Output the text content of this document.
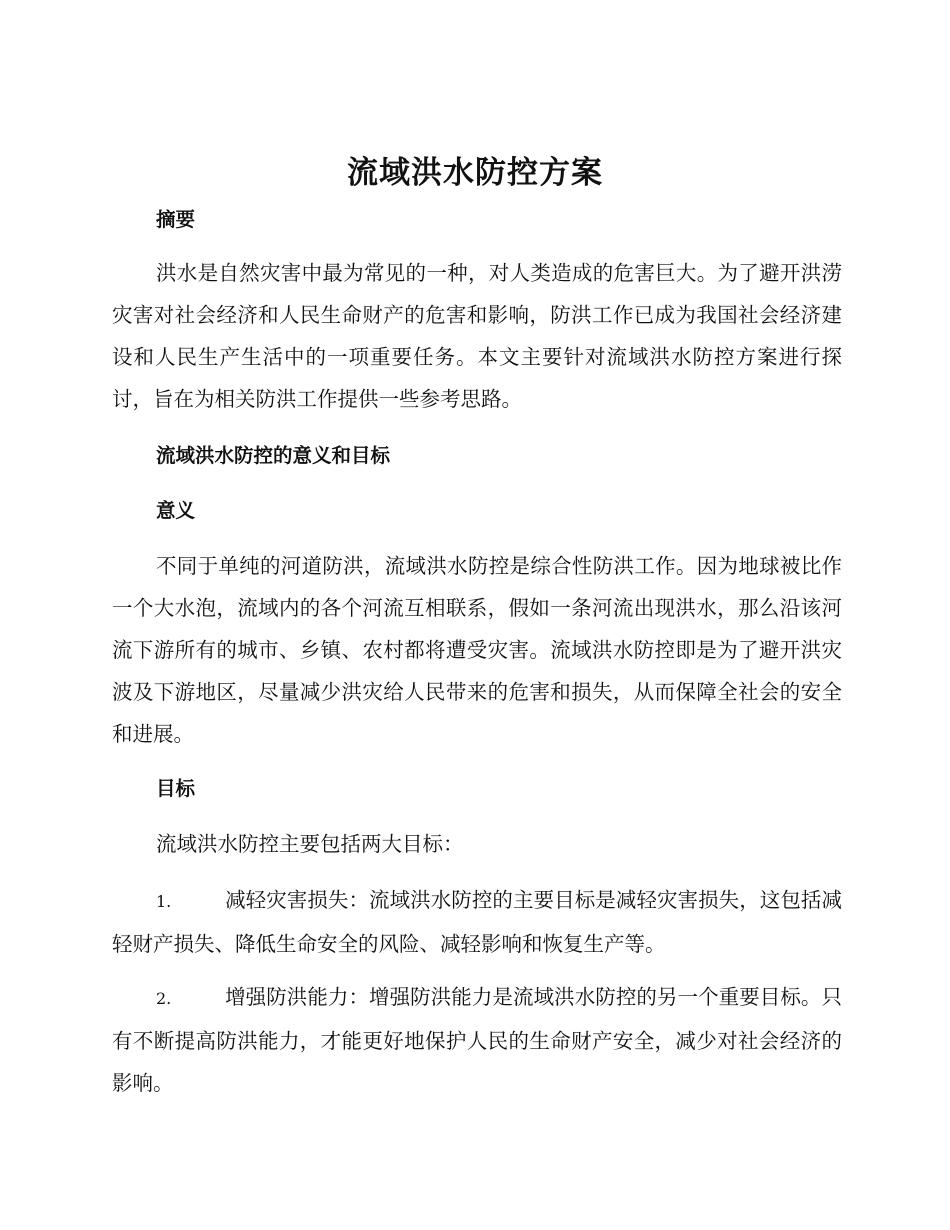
流域洪水防控方案
摘要
洪水是自然灾害中最为常见的一种，对人类造成的危害巨大。为了避开洪涝灾害对社会经济和人民生命财产的危害和影响，防洪工作已成为我国社会经济建设和人民生产生活中的一项重要任务。本文主要针对流域洪水防控方案进行探讨，旨在为相关防洪工作提供一些参考思路。
流域洪水防控的意义和目标
意义
不同于单纯的河道防洪，流域洪水防控是综合性防洪工作。因为地球被比作一个大水泡，流域内的各个河流互相联系，假如一条河流出现洪水，那么沿该河流下游所有的城市、乡镇、农村都将遭受灾害。流域洪水防控即是为了避开洪灾波及下游地区，尽量减少洪灾给人民带来的危害和损失，从而保障全社会的安全和进展。
目标
流域洪水防控主要包括两大目标：
1.	减轻灾害损失：流域洪水防控的主要目标是减轻灾害损失，这包括减轻财产损失、降低生命安全的风险、减轻影响和恢复生产等。
2.	增强防洪能力：增强防洪能力是流域洪水防控的另一个重要目标。只有不断提高防洪能力，才能更好地保护人民的生命财产安全，减少对社会经济的影响。
